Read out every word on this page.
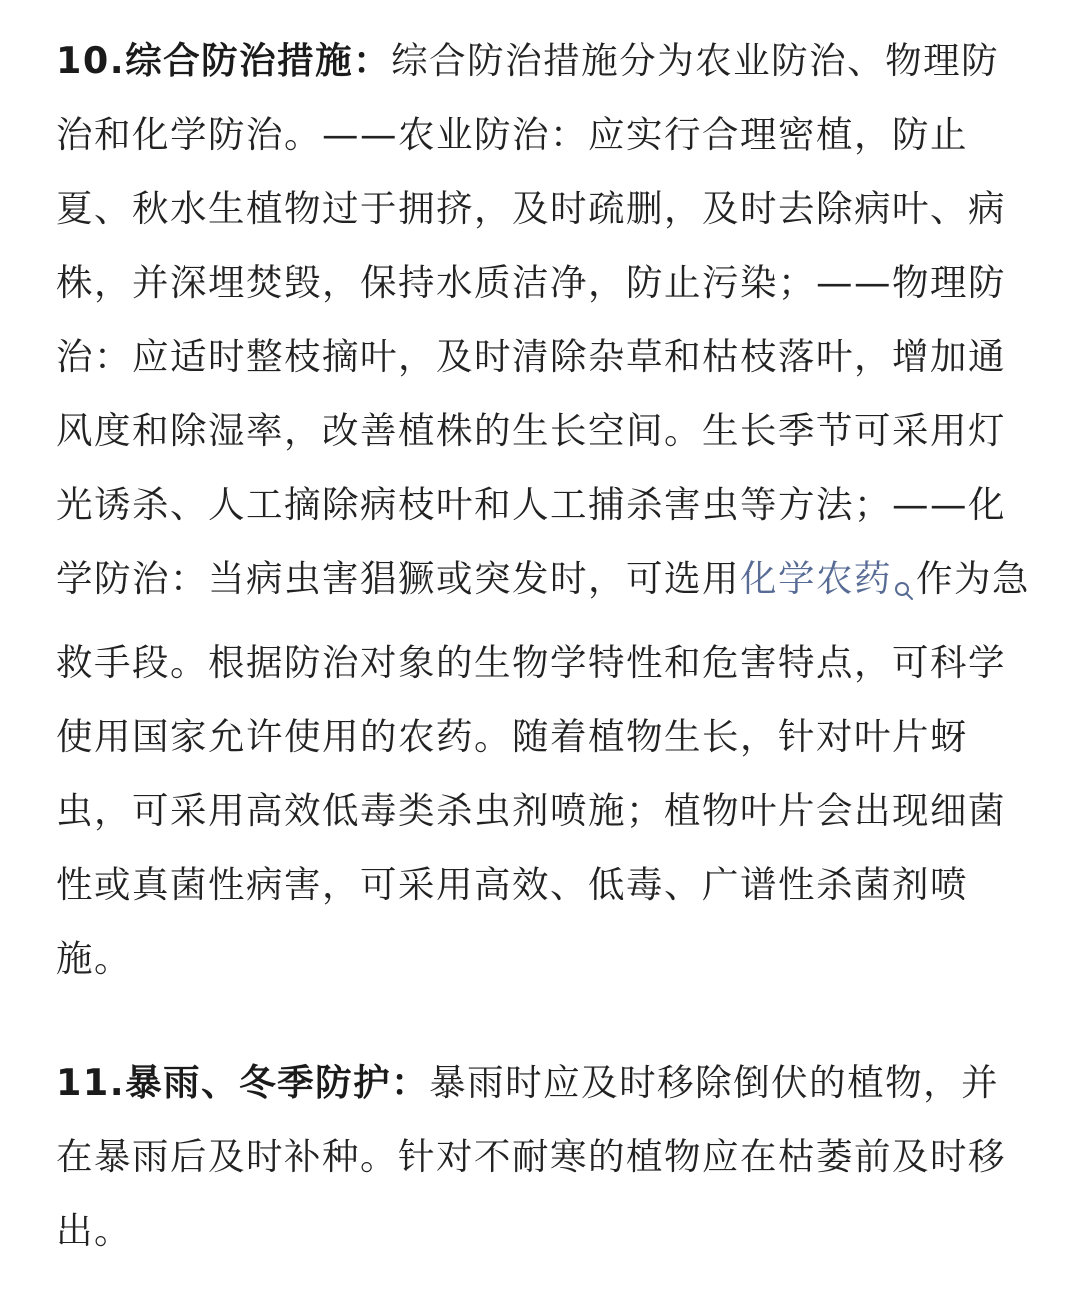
10.综合防治措施：综合防治措施分为农业防治、物理防治和化学防治。——农业防治：应实行合理密植，防止夏、秋水生植物过于拥挤，及时疏删，及时去除病叶、病株，并深埋焚毁，保持水质洁净，防止污染；——物理防治：应适时整枝摘叶，及时清除杂草和枯枝落叶，增加通风度和除湿率，改善植株的生长空间。生长季节可采用灯光诱杀、人工摘除病枝叶和人工捕杀害虫等方法；——化学防治：当病虫害猖獗或突发时，可选用化学农药 作为急救手段。根据防治对象的生物学特性和危害特点，可科学使用国家允许使用的农药。随着植物生长，针对叶片蚜虫，可采用高效低毒类杀虫剂喷施；植物叶片会出现细菌性或真菌性病害，可采用高效、低毒、广谱性杀菌剂喷施。

11.暴雨、冬季防护：暴雨时应及时移除倒伏的植物，并在暴雨后及时补种。针对不耐寒的植物应在枯萎前及时移出。
